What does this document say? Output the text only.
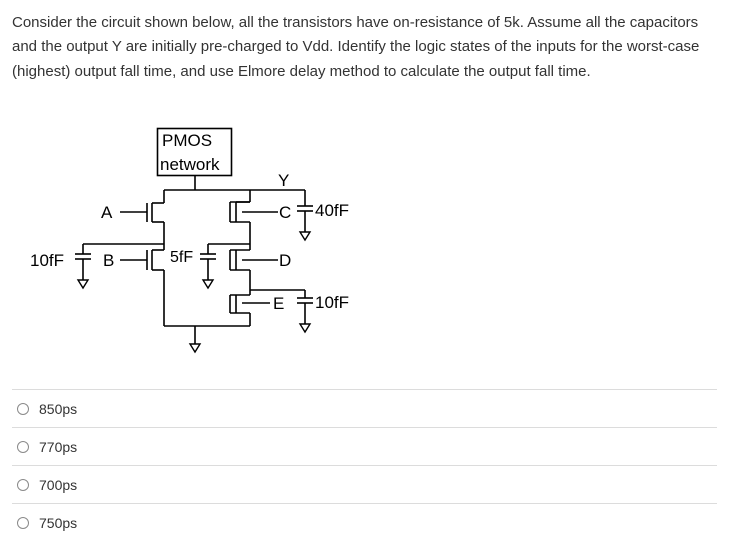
Consider the circuit shown below, all the transistors have on-resistance of 5k. Assume all the capacitors and the output Y are initially pre-charged to Vdd. Identify the logic states of the inputs for the worst-case (highest) output fall time, and use Elmore delay method to calculate the output fall time.
PMOS
network
Y
A
B
C
D
E
40fF
10fF	5fF
10fF
850ps
770ps
700ps
750ps
